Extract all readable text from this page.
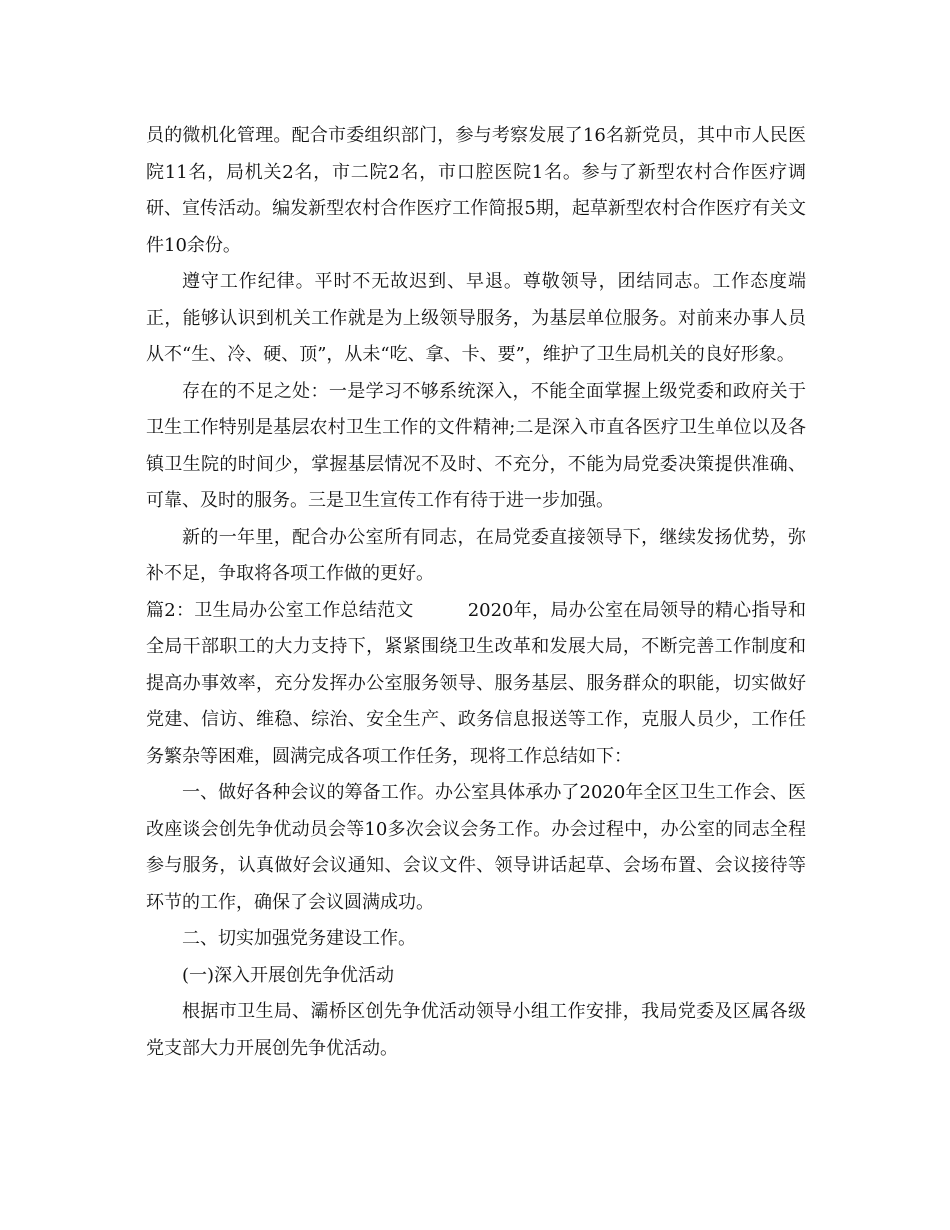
员的微机化管理。配合市委组织部门，参与考察发展了16名新党员，其中市人民医院11名，局机关2名，市二院2名，市口腔医院1名。参与了新型农村合作医疗调研、宣传活动。编发新型农村合作医疗工作简报5期，起草新型农村合作医疗有关文件10余份。

遵守工作纪律。平时不无故迟到、早退。尊敬领导，团结同志。工作态度端正，能够认识到机关工作就是为上级领导服务，为基层单位服务。对前来办事人员从不“生、冷、硬、顶”，从未“吃、拿、卡、要”，维护了卫生局机关的良好形象。

存在的不足之处：一是学习不够系统深入，不能全面掌握上级党委和政府关于卫生工作特别是基层农村卫生工作的文件精神;二是深入市直各医疗卫生单位以及各镇卫生院的时间少，掌握基层情况不及时、不充分，不能为局党委决策提供准确、可靠、及时的服务。三是卫生宣传工作有待于进一步加强。

新的一年里，配合办公室所有同志，在局党委直接领导下，继续发扬优势，弥补不足，争取将各项工作做的更好。

篇2：卫生局办公室工作总结范文	2020年，局办公室在局领导的精心指导和全局干部职工的大力支持下，紧紧围绕卫生改革和发展大局，不断完善工作制度和提高办事效率，充分发挥办公室服务领导、服务基层、服务群众的职能，切实做好党建、信访、维稳、综治、安全生产、政务信息报送等工作，克服人员少，工作任务繁杂等困难，圆满完成各项工作任务，现将工作总结如下：

一、做好各种会议的筹备工作。办公室具体承办了2020年全区卫生工作会、医改座谈会创先争优动员会等10多次会议会务工作。办会过程中，办公室的同志全程参与服务，认真做好会议通知、会议文件、领导讲话起草、会场布置、会议接待等环节的工作，确保了会议圆满成功。

二、切实加强党务建设工作。

(一)深入开展创先争优活动

根据市卫生局、灞桥区创先争优活动领导小组工作安排，我局党委及区属各级党支部大力开展创先争优活动。
